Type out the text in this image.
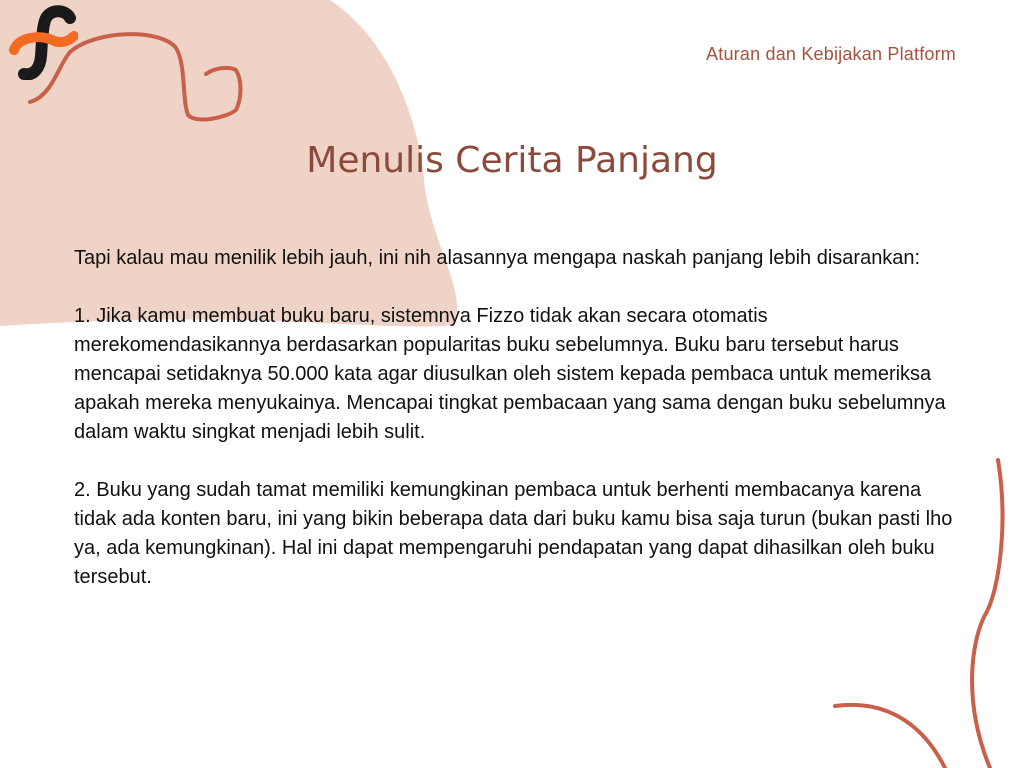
Aturan dan Kebijakan Platform
Menulis Cerita Panjang

Tapi kalau mau menilik lebih jauh, ini nih alasannya mengapa naskah panjang lebih disarankan:

1. Jika kamu membuat buku baru, sistemnya Fizzo tidak akan secara otomatis merekomendasikannya berdasarkan popularitas buku sebelumnya. Buku baru tersebut harus mencapai setidaknya 50.000 kata agar diusulkan oleh sistem kepada pembaca untuk memeriksa apakah mereka menyukainya. Mencapai tingkat pembacaan yang sama dengan buku sebelumnya dalam waktu singkat menjadi lebih sulit.

2. Buku yang sudah tamat memiliki kemungkinan pembaca untuk berhenti membacanya karena tidak ada konten baru, ini yang bikin beberapa data dari buku kamu bisa saja turun (bukan pasti lho ya, ada kemungkinan). Hal ini dapat mempengaruhi pendapatan yang dapat dihasilkan oleh buku tersebut.
